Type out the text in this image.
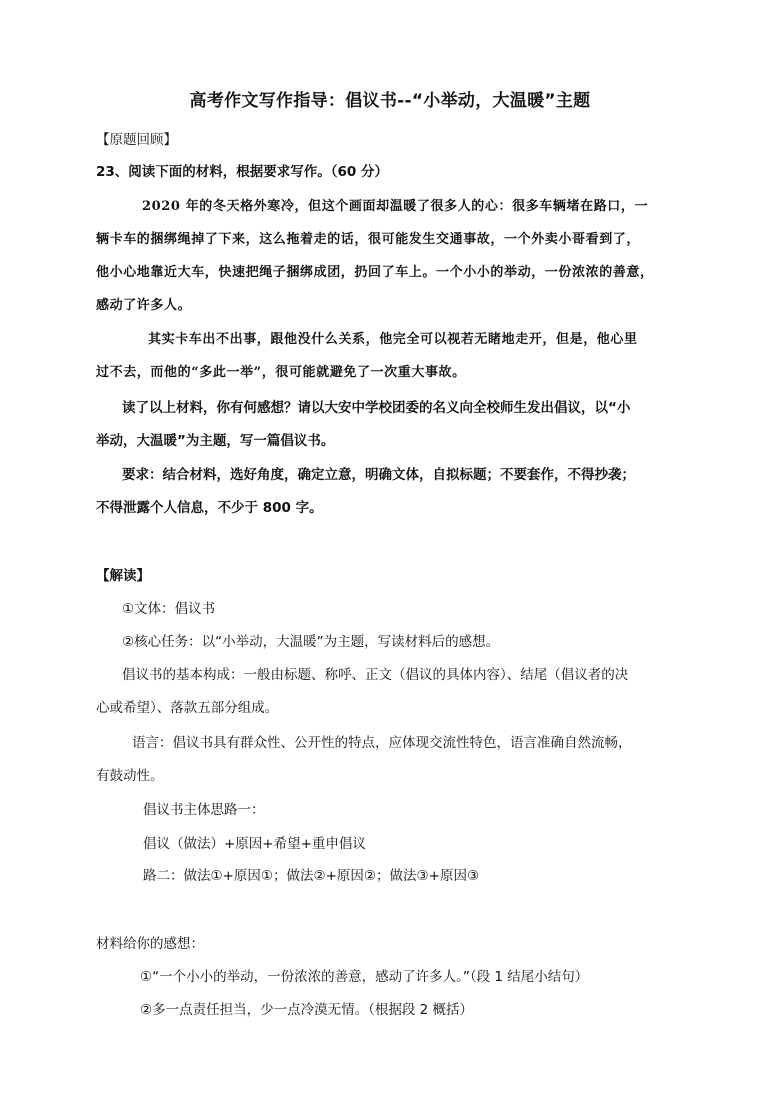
高考作文写作指导：倡议书--“小举动，大温暖”主题
【原题回顾】
23、阅读下面的材料，根据要求写作。（60 分）
2020 年的冬天格外寒冷，但这个画面却温暖了很多人的心：很多车辆堵在路口，一
辆卡车的捆绑绳掉了下来，这么拖着走的话，很可能发生交通事故，一个外卖小哥看到了，
他小心地靠近大车，快速把绳子捆绑成团，扔回了车上。一个小小的举动，一份浓浓的善意，
感动了许多人。
其实卡车出不出事，跟他没什么关系，他完全可以视若无睹地走开，但是，他心里
过不去，而他的“多此一举”，很可能就避免了一次重大事故。
读了以上材料，你有何感想？请以大安中学校团委的名义向全校师生发出倡议，以“小
举动，大温暖”为主题，写一篇倡议书。
要求：结合材料，选好角度，确定立意，明确文体，自拟标题；不要套作，不得抄袭；
不得泄露个人信息，不少于 800 字。
【解读】
①文体：倡议书
②核心任务：以“小举动，大温暖”为主题，写读材料后的感想。
倡议书的基本构成：一般由标题、称呼、正文（倡议的具体内容）、结尾（倡议者的决
心或希望）、落款五部分组成。
语言：倡议书具有群众性、公开性的特点，应体现交流性特色，语言准确自然流畅，
有鼓动性。
倡议书主体思路一：
倡议（做法）+原因+希望+重申倡议
路二：做法①+原因①；做法②+原因②；做法③+原因③
材料给你的感想：
①“一个小小的举动，一份浓浓的善意，感动了许多人。”（段 1 结尾小结句）
②多一点责任担当，少一点冷漠无情。（根据段 2 概括）
